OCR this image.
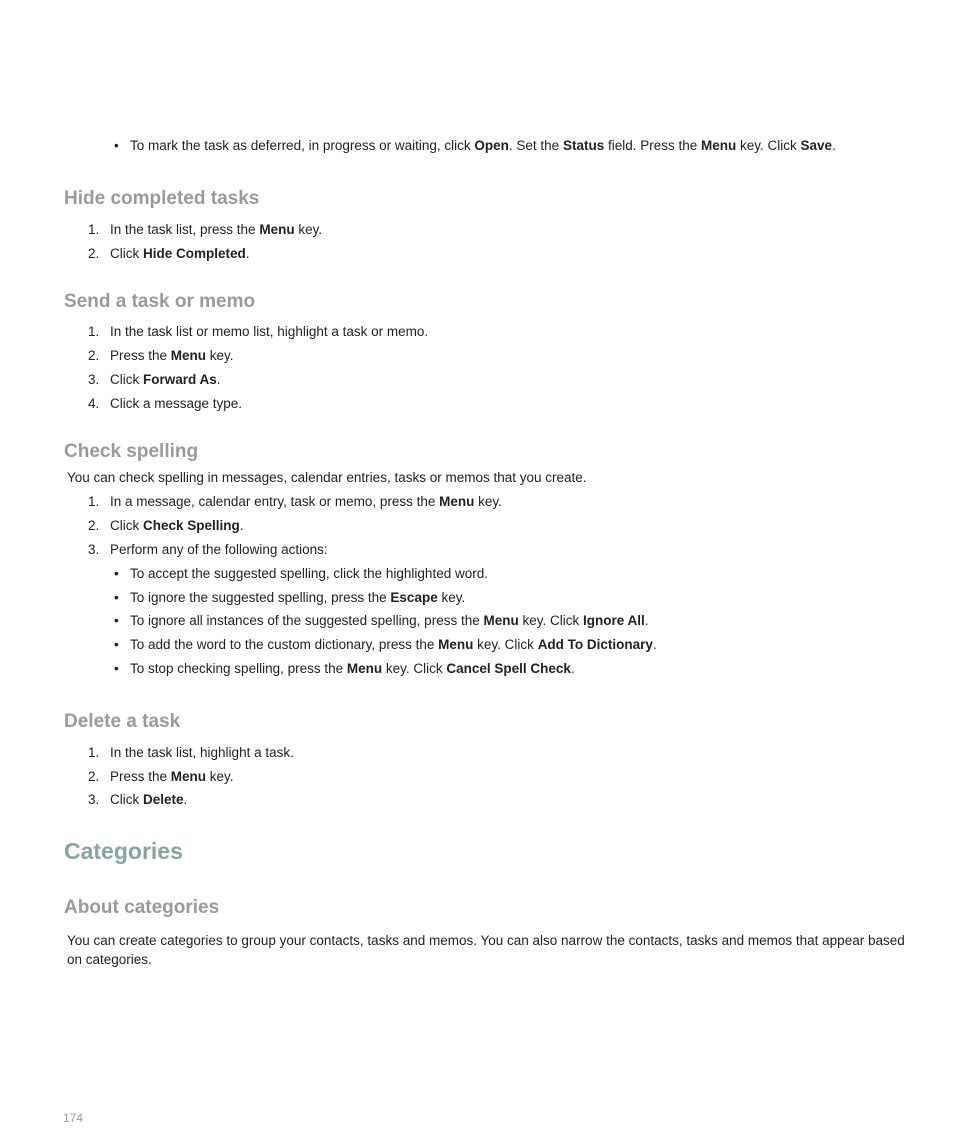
• To mark the task as deferred, in progress or waiting, click Open. Set the Status field. Press the Menu key. Click Save.
Hide completed tasks
1. In the task list, press the Menu key.
2. Click Hide Completed.
Send a task or memo
1. In the task list or memo list, highlight a task or memo.
2. Press the Menu key.
3. Click Forward As.
4. Click a message type.
Check spelling
You can check spelling in messages, calendar entries, tasks or memos that you create.
1. In a message, calendar entry, task or memo, press the Menu key.
2. Click Check Spelling.
3. Perform any of the following actions:
• To accept the suggested spelling, click the highlighted word.
• To ignore the suggested spelling, press the Escape key.
• To ignore all instances of the suggested spelling, press the Menu key. Click Ignore All.
• To add the word to the custom dictionary, press the Menu key. Click Add To Dictionary.
• To stop checking spelling, press the Menu key. Click Cancel Spell Check.
Delete a task
1. In the task list, highlight a task.
2. Press the Menu key.
3. Click Delete.
Categories
About categories
You can create categories to group your contacts, tasks and memos. You can also narrow the contacts, tasks and memos that appear based on categories.
174
